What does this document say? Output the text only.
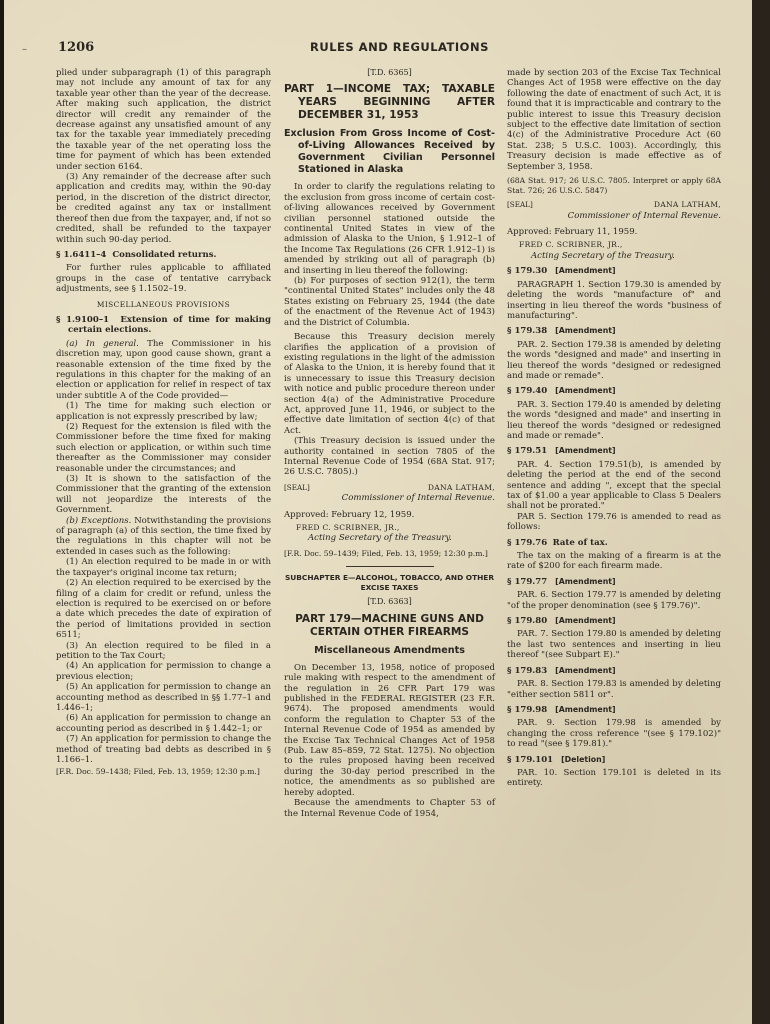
– 1206	RULES AND REGULATIONS

plied under subparagraph (1) of this paragraph may not include any amount of tax for any taxable year other than the year of the decrease. After making such application, the district director will credit any remainder of the decrease against any unsatisfied amount of any tax for the taxable year immediately preceding the taxable year of the net operating loss the time for payment of which has been extended under section 6164.

(3) Any remainder of the decrease after such application and credits may, within the 90-day period, in the discretion of the district director, be credited against any tax or installment thereof then due from the taxpayer, and, if not so credited, shall be refunded to the taxpayer within such 90-day period.

§ 1.6411–4 Consolidated returns.

For further rules applicable to affiliated groups in the case of tentative carryback adjustments, see § 1.1502–19.

MISCELLANEOUS PROVISIONS
§ 1.9100–1 Extension of time for making certain elections.

(a) In general. The Commissioner in his discretion may, upon good cause shown, grant a reasonable extension of the time fixed by the regulations in this chapter for the making of an election or application for relief in respect of tax under subtitle A of the Code provided—

(1) The time for making such election or application is not expressly prescribed by law;

(2) Request for the extension is filed with the Commissioner before the time fixed for making such election or application, or within such time thereafter as the Commissioner may consider reasonable under the circumstances; and

(3) It is shown to the satisfaction of the Commissioner that the granting of the extension will not jeopardize the interests of the Government.

(b) Exceptions. Notwithstanding the provisions of paragraph (a) of this section, the time fixed by the regulations in this chapter will not be extended in cases such as the following:

(1) An election required to be made in or with the taxpayer's original income tax return;

(2) An election required to be exercised by the filing of a claim for credit or refund, unless the election is required to be exercised on or before a date which precedes the date of expiration of the period of limitations provided in section 6511;

(3) An election required to be filed in a petition to the Tax Court;

(4) An application for permission to change a previous election;

(5) An application for permission to change an accounting method as described in §§ 1.77–1 and 1.446–1;

(6) An application for permission to change an accounting period as described in § 1.442–1; or

(7) An application for permission to change the method of treating bad debts as described in § 1.166–1.

[F.R. Doc. 59–1438; Filed, Feb. 13, 1959; 12:30 p.m.]
[T.D. 6365]
PART 1—INCOME TAX; TAXABLE YEARS BEGINNING AFTER DECEMBER 31, 1953
Exclusion From Gross Income of Cost-of-Living Allowances Received by Government Civilian Personnel Stationed in Alaska

In order to clarify the regulations relating to the exclusion from gross income of certain cost-of-living allowances received by Government civilian personnel stationed outside the continental United States in view of the admission of Alaska to the Union, § 1.912–1 of the Income Tax Regulations (26 CFR 1.912–1) is amended by striking out all of paragraph (b) and inserting in lieu thereof the following:

(b) For purposes of section 912(1), the term "continental United States" includes only the 48 States existing on February 25, 1944 (the date of the enactment of the Revenue Act of 1943) and the District of Columbia.

Because this Treasury decision merely clarifies the application of a provision of existing regulations in the light of the admission of Alaska to the Union, it is hereby found that it is unnecessary to issue this Treasury decision with notice and public procedure thereon under section 4(a) of the Administrative Procedure Act, approved June 11, 1946, or subject to the effective date limitation of section 4(c) of that Act.

(This Treasury decision is issued under the authority contained in section 7805 of the Internal Revenue Code of 1954 (68A Stat. 917; 26 U.S.C. 7805).)

[SEAL]	DANA LATHAM,
Commissioner of Internal Revenue.
Approved: February 12, 1959.
FRED C. SCRIBNER, JR.,
Acting Secretary of the Treasury.
[F.R. Doc. 59–1439; Filed, Feb. 13, 1959; 12:30 p.m.]
SUBCHAPTER E—ALCOHOL, TOBACCO, AND OTHER EXCISE TAXES
[T.D. 6363]
PART 179—MACHINE GUNS AND CERTAIN OTHER FIREARMS
Miscellaneous Amendments

On December 13, 1958, notice of proposed rule making with respect to the amendment of the regulation in 26 CFR Part 179 was published in the FEDERAL REGISTER (23 F.R. 9674). The proposed amendments would conform the regulation to Chapter 53 of the Internal Revenue Code of 1954 as amended by the Excise Tax Technical Changes Act of 1958 (Pub. Law 85–859, 72 Stat. 1275). No objection to the rules proposed having been received during the 30-day period prescribed in the notice, the amendments as so published are hereby adopted.

Because the amendments to Chapter 53 of the Internal Revenue Code of 1954,

made by section 203 of the Excise Tax Technical Changes Act of 1958 were effective on the day following the date of enactment of such Act, it is found that it is impracticable and contrary to the public interest to issue this Treasury decision subject to the effective date limitation of section 4(c) of the Administrative Procedure Act (60 Stat. 238; 5 U.S.C. 1003). Accordingly, this Treasury decision is made effective as of September 3, 1958.

(68A Stat. 917; 26 U.S.C. 7805. Interpret or apply 68A Stat. 726; 26 U.S.C. 5847)
[SEAL]	DANA LATHAM,
Commissioner of Internal Revenue.
Approved: February 11, 1959.
FRED C. SCRIBNER, JR.,
Acting Secretary of the Treasury.
§ 179.30 [Amendment]

PARAGRAPH 1. Section 179.30 is amended by deleting the words "manufacture of" and inserting in lieu thereof the words "business of manufacturing".

§ 179.38 [Amendment]

PAR. 2. Section 179.38 is amended by deleting the words "designed and made" and inserting in lieu thereof the words "designed or redesigned and made or remade".

§ 179.40 [Amendment]

PAR. 3. Section 179.40 is amended by deleting the words "designed and made" and inserting in lieu thereof the words "designed or redesigned and made or remade".

§ 179.51 [Amendment]

PAR. 4. Section 179.51(b), is amended by deleting the period at the end of the second sentence and adding ", except that the special tax of $1.00 a year applicable to Class 5 Dealers shall not be prorated."

PAR 5. Section 179.76 is amended to read as follows:

§ 179.76 Rate of tax.

The tax on the making of a firearm is at the rate of $200 for each firearm made.

§ 179.77 [Amendment]

PAR. 6. Section 179.77 is amended by deleting "of the proper denomination (see § 179.76)".

§ 179.80 [Amendment]

PAR. 7. Section 179.80 is amended by deleting the last two sentences and inserting in lieu thereof "(see Subpart E)."

§ 179.83 [Amendment]

PAR. 8. Section 179.83 is amended by deleting "either section 5811 or".

§ 179.98 [Amendment]

PAR. 9. Section 179.98 is amended by changing the cross reference "(see § 179.102)" to read "(see § 179.81)."

§ 179.101 [Deletion]

PAR. 10. Section 179.101 is deleted in its entirety.
